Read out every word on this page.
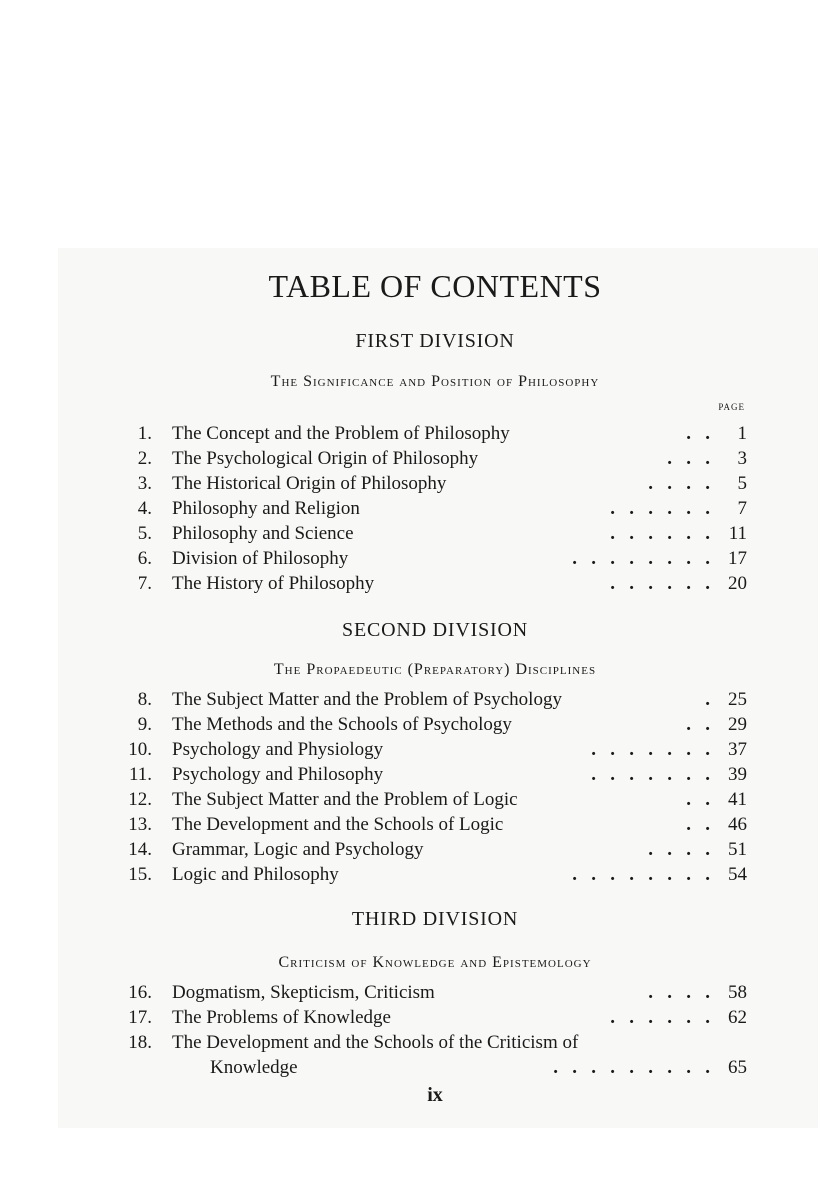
TABLE OF CONTENTS
FIRST DIVISION
The Significance and Position of Philosophy
PAGE
1. The Concept and the Problem of Philosophy	.   . 1
2. The Psychological Origin of Philosophy	.   .   . 3
3. The Historical Origin of Philosophy	.   .   .   . 5
4. Philosophy and Religion	.   .   .   .   .   . 7
5. Philosophy and Science	.   .   .   .   .   . 11
6. Division of Philosophy	.   .   .   .   .   .   .   . 17
7. The History of Philosophy	.   .   .   .   .   . 20
SECOND DIVISION
The Propaedeutic (Preparatory) Disciplines
8. The Subject Matter and the Problem of Psychology	. 25
9. The Methods and the Schools of Psychology	.   . 29
10. Psychology and Physiology	.   .   .   .   .   .   . 37
11. Psychology and Philosophy	.   .   .   .   .   .   . 39
12. The Subject Matter and the Problem of Logic	.   . 41
13. The Development and the Schools of Logic	.   . 46
14. Grammar, Logic and Psychology	.   .   .   . 51
15. Logic and Philosophy	.   .   .   .   .   .   .   . 54
THIRD DIVISION
Criticism of Knowledge and Epistemology
16. Dogmatism, Skepticism, Criticism	.   .   .   . 58
17. The Problems of Knowledge	.   .   .   .   .   . 62
18. The Development and the Schools of the Criticism of
Knowledge	.   .   .   .   .   .   .   .   . 65
ix
